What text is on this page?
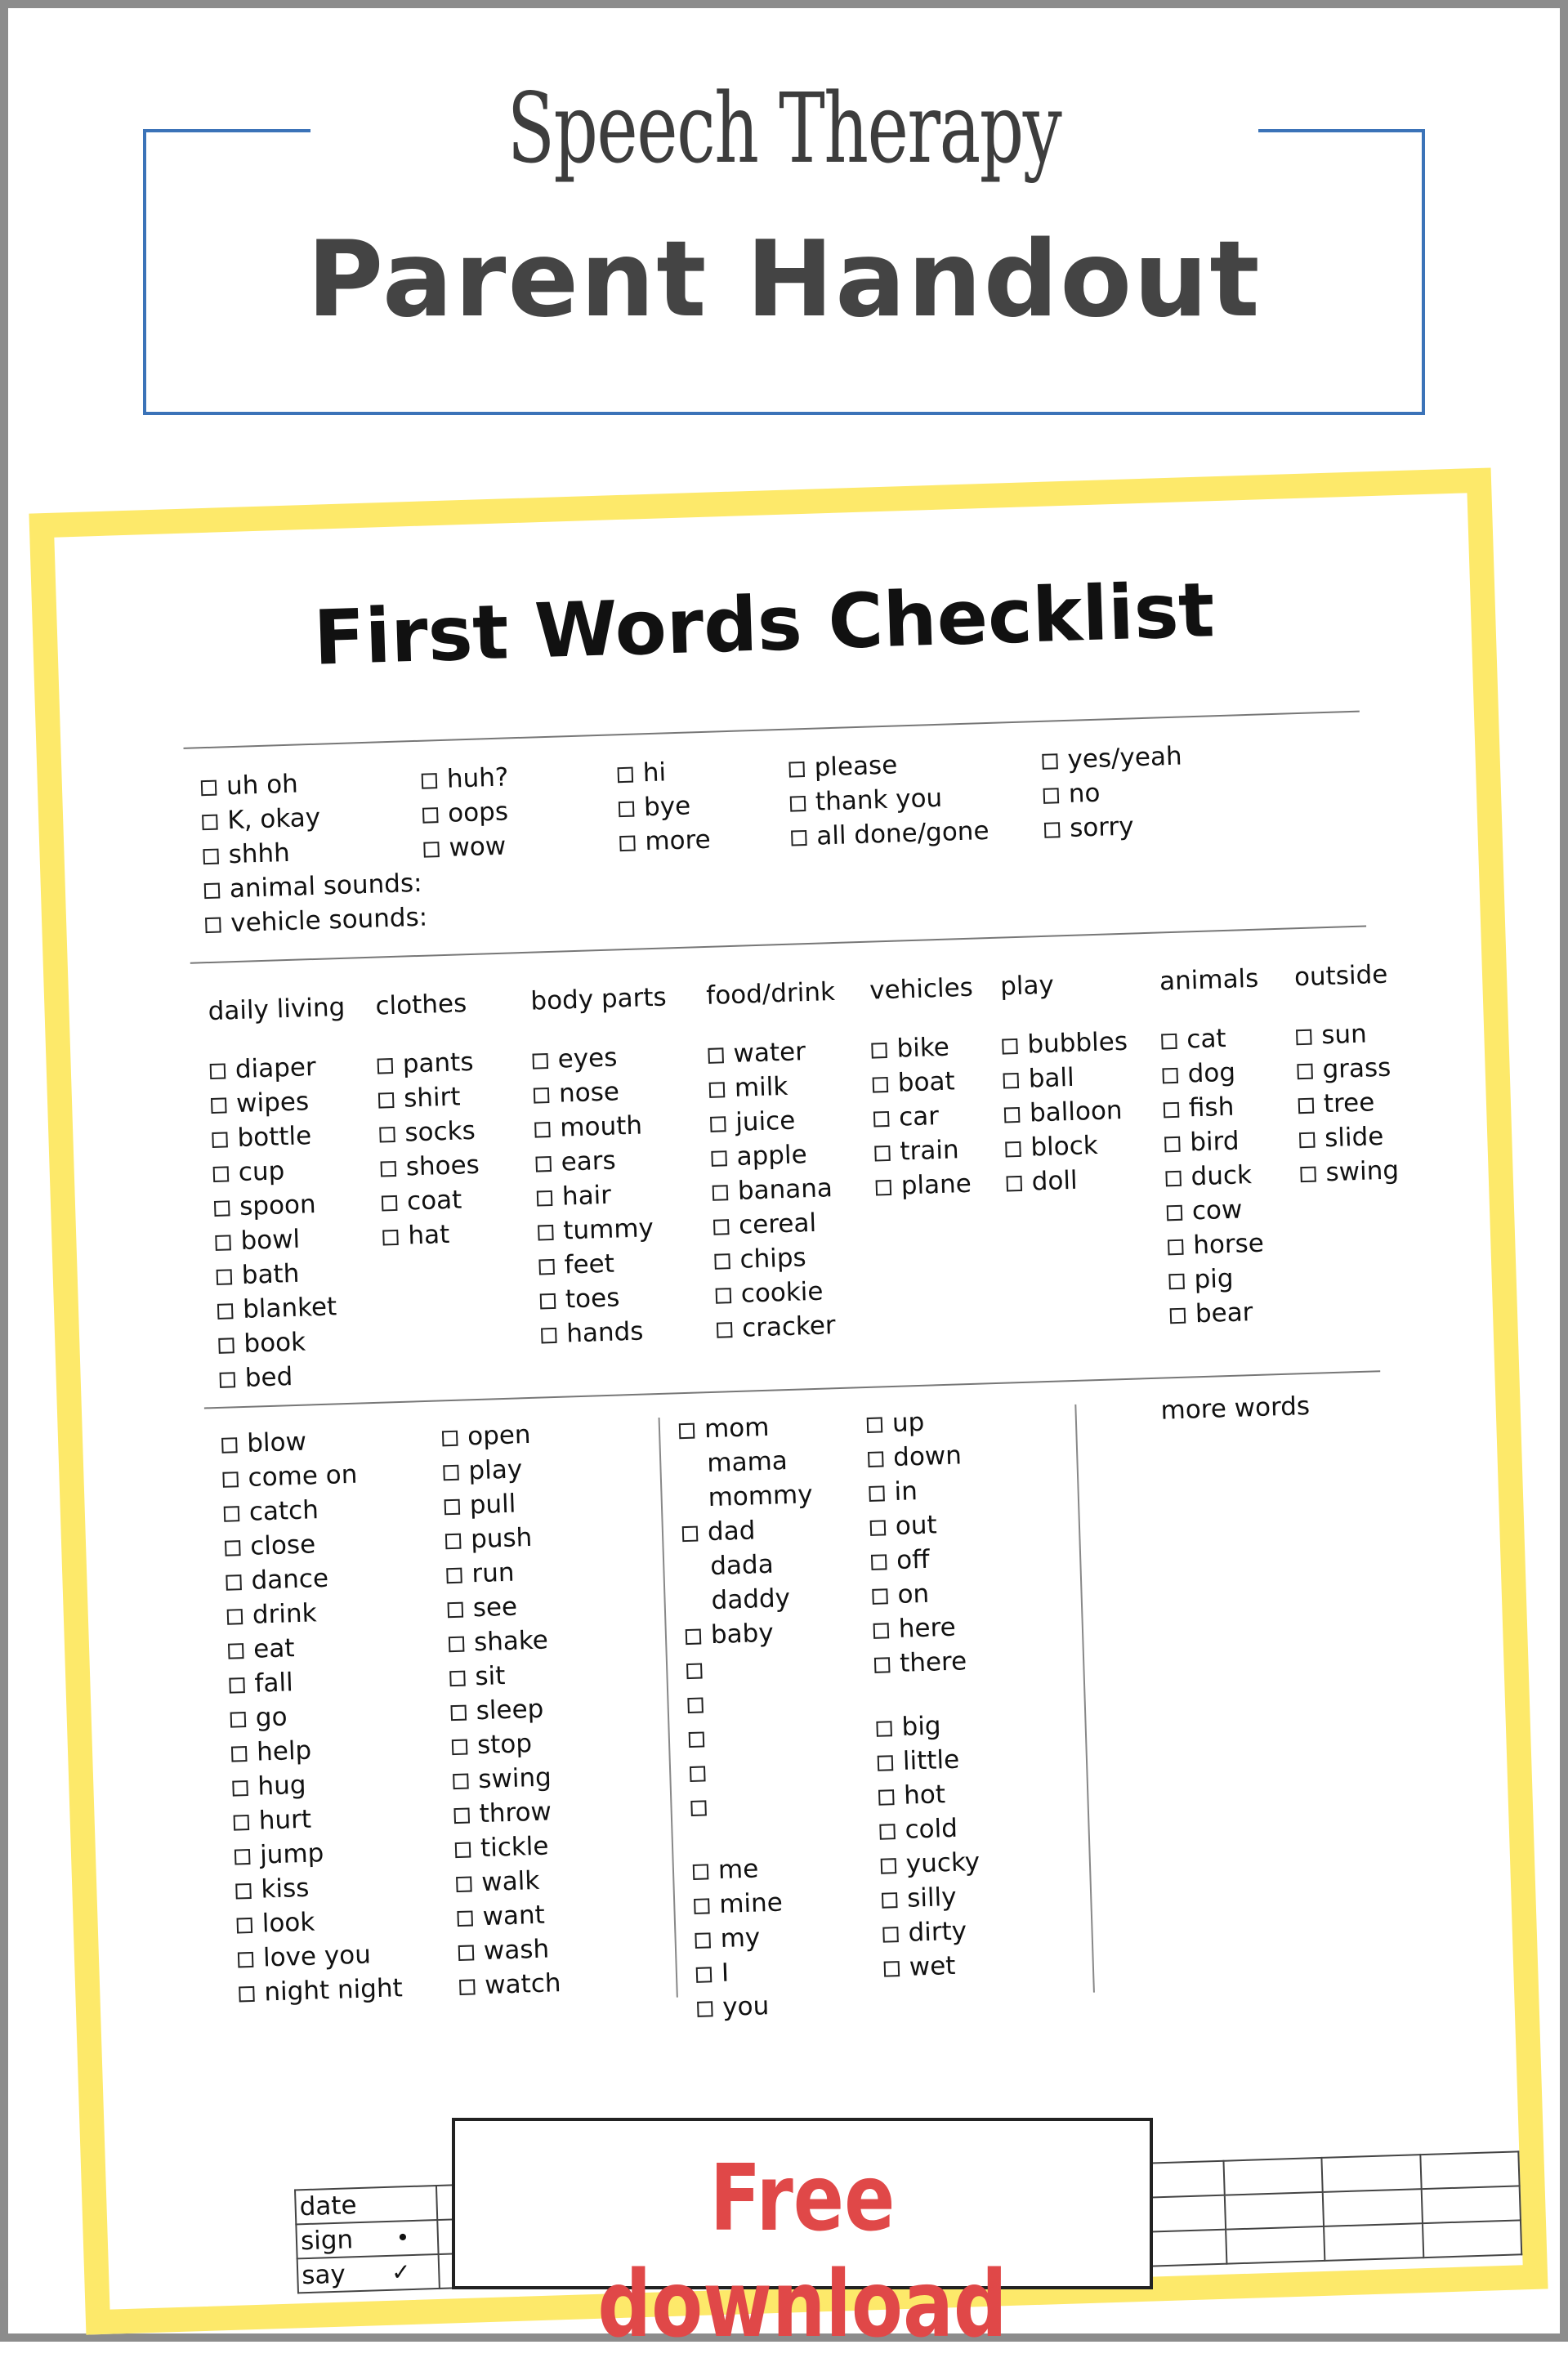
Speech Therapy
Parent Handout
First Words Checklist
uh oh
K, okay
shhh
animal sounds:
vehicle sounds:
huh?
oops
wow
hi
bye
more
please
thank you
all done/gone
yes/yeah
no
sorry
daily living
diaper
wipes
bottle
cup
spoon
bowl
bath
blanket
book
bed
clothes
pants
shirt
socks
shoes
coat
hat
body parts
eyes
nose
mouth
ears
hair
tummy
feet
toes
hands
food/drink
water
milk
juice
apple
banana
cereal
chips
cookie
cracker
vehicles
bike
boat
car
train
plane
play
bubbles
ball
balloon
block
doll
animals
cat
dog
fish
bird
duck
cow
horse
pig
bear
outside
sun
grass
tree
slide
swing
blow
come on
catch
close
dance
drink
eat
fall
go
help
hug
hurt
jump
kiss
look
love you
night night
open
play
pull
push
run
see
shake
sit
sleep
stop
swing
throw
tickle
walk
want
wash
watch
mom
mama
mommy
dad
dada
daddy
baby
me
mine
my
I
you
up
down
in
out
off
on
here
there
big
little
hot
cold
yucky
silly
dirty
wet
more words
date											
sign •											

say ✓											

Free download
